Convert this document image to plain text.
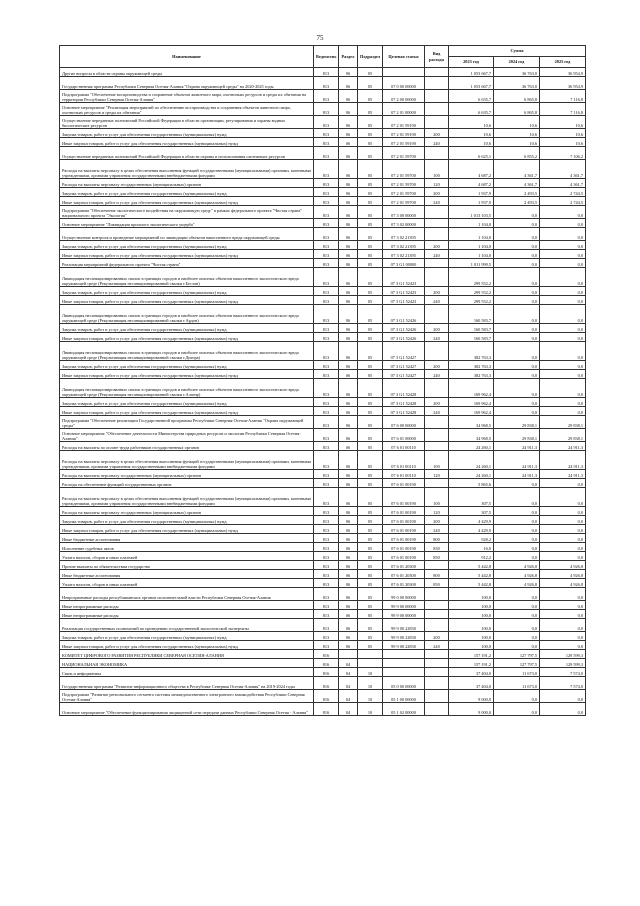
75
Наименование	Ведомство	Раздел	Подраздел	Целевая статья	Вид расхода	Сумма		
						2023 год	2024 год	2025 год
Другие вопросы в области охраны окружающей среды	813	06	05			1 053 667,7	36 763,0	36 954,9
Государственная программа Республики Северная Осетия-Алания "Охрана окружающей среды" на 2020-2025 годы	813	06	05	07 0 00 00000		1 053 667,7	36 763,0	36 954,9
Подпрограмма "Обеспечение воспроизводства и сохранение объектов животного мира, охотничьих ресурсов и среды их обитания на территории Республики Северная Осетия-Алания"	813	06	05	07 2 00 00000		6 635,7	6 865,8	7 116,8
Основное мероприятие "Реализация мероприятий по обеспечению воспроизводства и сохранения объектов животного мира, охотничьих ресурсов и среды их обитания"	813	06	05	07 2 01 00000		6 635,7	6 865,8	7 116,8
Осуществление переданных полномочий Российской Федерации в области организации, регулирования и охраны водных биологических ресурсов	813	06	05	07 2 01 59190		10,6	10,6	10,6
Закупка товаров, работ и услуг для обеспечения государственных (муниципальных) нужд	813	06	05	07 2 01 59190	200	10,6	10,6	10,6
Иные закупки товаров, работ и услуг для обеспечения государственных (муниципальных) нужд	813	06	05	07 2 01 59190	240	10,6	10,6	10,6
Осуществление переданных полномочий Российской Федерации в области охраны и использования охотничьих ресурсов	813	06	05	07 2 01 59700		6 625,1	6 855,2	7 106,2
Расходы на выплаты персоналу в целях обеспечения выполнения функций государственными (муниципальными) органами, казенными учреждениями, органами управления государственными внебюджетными фондами	813	06	05	07 2 01 59700	100	4 687,2	4 361,7	4 361,7
Расходы на выплаты персоналу государственных (муниципальных) органов	813	06	05	07 2 01 59700	120	4 687,2	4 361,7	4 361,7
Закупка товаров, работ и услуг для обеспечения государственных (муниципальных) нужд	813	06	05	07 2 01 59700	200	1 937,9	2 493,5	2 744,5
Иные закупки товаров, работ и услуг для обеспечения государственных (муниципальных) нужд	813	06	05	07 2 01 59700	240	1 937,9	2 493,5	2 744,5
Подпрограмма "Обеспечение экологического воздействия на окружающую среду" в рамках федерального проекта "Чистая страна" национального проекта "Экология"	813	06	05	07 3 00 00000		1 013 103,5	0,0	0,0
Основное мероприятие "Ликвидация прошлого экологического ущерба"	813	06	05	07 3 02 00000		1 104,0	0,0	0,0
Осуществление контроля и проведение мероприятий по ликвидации объектов накопленного вреда окружающей среды	813	06	05	07 3 02 21395		1 104,0	0,0	0,0
Закупка товаров, работ и услуг для обеспечения государственных (муниципальных) нужд	813	06	05	07 3 02 21395	200	1 104,0	0,0	0,0
Иные закупки товаров, работ и услуг для обеспечения государственных (муниципальных) нужд	813	06	05	07 3 02 21395	240	1 104,0	0,0	0,0
Реализация мероприятий федерального проекта "Чистая страна"	813	06	05	07 3 G1 00000		1 011 999,5	0,0	0,0
Ликвидация несанкционированных свалок в границах городов и наиболее опасных объектов накопленного экологического вреда окружающей среде (Рекультивация несанкционированной свалки г.Беслан)	813	06	05	07 3 G1 52423		299 552,2	0,0	0,0
Закупка товаров, работ и услуг для обеспечения государственных (муниципальных) нужд	813	06	05	07 3 G1 52423	200	299 552,2	0,0	0,0
Иные закупки товаров, работ и услуг для обеспечения государственных (муниципальных) нужд	813	06	05	07 3 G1 52423	240	299 552,2	0,0	0,0
Ликвидация несанкционированных свалок в границах городов и наиболее опасных объектов накопленного экологического вреда окружающей среде (Рекультивация несанкционированной свалки г.Ардон)	813	06	05	07 3 G1 52426		160 583,7	0,0	0,0
Закупка товаров, работ и услуг для обеспечения государственных (муниципальных) нужд	813	06	05	07 3 G1 52426	200	160 583,7	0,0	0,0
Иные закупки товаров, работ и услуг для обеспечения государственных (муниципальных) нужд	813	06	05	07 3 G1 52426	240	160 583,7	0,0	0,0
Ликвидация несанкционированных свалок в границах городов и наиболее опасных объектов накопленного экологического вреда окружающей среде (Рекультивация несанкционированной свалки г.Дигора)	813	06	05	07 3 G1 52427		382 763,3	0,0	0,0
Закупка товаров, работ и услуг для обеспечения государственных (муниципальных) нужд	813	06	05	07 3 G1 52427	200	382 763,3	0,0	0,0
Иные закупки товаров, работ и услуг для обеспечения государственных (муниципальных) нужд	813	06	05	07 3 G1 52427	240	382 763,3	0,0	0,0
Ликвидация несанкционированных свалок в границах городов и наиболее опасных объектов накопленного экологического вреда окружающей среде (Рекультивация несанкционированной свалки г.Алагир)	813	06	05	07 3 G1 52428		169 962,4	0,0	0,0
Закупка товаров, работ и услуг для обеспечения государственных (муниципальных) нужд	813	06	05	07 3 G1 52428	200	169 962,4	0,0	0,0
Иные закупки товаров, работ и услуг для обеспечения государственных (муниципальных) нужд	813	06	05	07 3 G1 52428	240	169 962,4	0,0	0,0
Подпрограмма "Обеспечение реализации Государственной программы Республики Северная Осетия-Алания "Охрана окружающей среды"	813	06	05	07 6 00 00000		34 968,5	29 838,1	29 838,1
Основное мероприятие "Обеспечение деятельности Министерства природных ресурсов и экологии Республики Северная Осетия-Алания"	813	06	05	07 6 01 00000		34 968,5	29 838,1	29 838,1
Расходы на выплаты по оплате труда работников государственных органов	813	06	05	07 6 01 00110		24 260,1	24 911,3	24 911,3
Расходы на выплаты персоналу в целях обеспечения выполнения функций государственными (муниципальными) органами, казенными учреждениями, органами управления государственными внебюджетными фондами	813	06	05	07 6 01 00110	100	24 260,1	24 911,3	24 911,3
Расходы на выплаты персоналу государственных (муниципальных) органов	813	06	05	07 6 01 00110	120	24 260,1	24 911,3	24 911,3
Расходы на обеспечение функций государственных органов	813	06	05	07 6 01 00190		5 865,6	0,0	0,0
Расходы на выплаты персоналу в целях обеспечения выполнения функций государственными (муниципальными) органами, казенными учреждениями, органами управления государственными внебюджетными фондами	813	06	05	07 6 01 00190	100	307,5	0,0	0,0
Расходы на выплаты персоналу государственных (муниципальных) органов	813	06	05	07 6 01 00190	120	307,5	0,0	0,0
Закупка товаров, работ и услуг для обеспечения государственных (муниципальных) нужд	813	06	05	07 6 01 00190	200	4 429,9	0,0	0,0
Иные закупки товаров, работ и услуг для обеспечения государственных (муниципальных) нужд	813	06	05	07 6 01 00190	240	4 429,9	0,0	0,0
Иные бюджетные ассигнования	813	06	05	07 6 01 00190	800	928,2	0,0	0,0
Исполнение судебных актов	813	06	05	07 6 01 00190	830	16,0	0,0	0,0
Уплата налогов, сборов и иных платежей	813	06	05	07 6 01 00190	850	912,2	0,0	0,0
Прочие выплаты по обязательствам государства	813	06	05	07 6 01 20300		5 442,8	4 926,8	4 926,8
Иные бюджетные ассигнования	813	06	05	07 6 01 20300	800	5 442,8	4 926,8	4 926,8
Уплата налогов, сборов и иных платежей	813	06	05	07 6 01 20300	850	5 442,8	4 926,8	4 926,8
Непрограммные расходы республиканских органов исполнительной власти Республики Северная Осетия-Алания	813	06	05	99 0 00 00000		100,0	0,0	0,0
Иные непрограммные расходы	813	06	05	99 9 00 00000		100,0	0,0	0,0
Иные непрограммные расходы	813	06	05	99 9 00 00000		100,0	0,0	0,0
Реализация государственных полномочий по проведению государственной экологической экспертизы	813	06	05	99 9 00 22830		100,0	0,0	0,0
Закупка товаров, работ и услуг для обеспечения государственных (муниципальных) нужд	813	06	05	99 9 00 22830	200	100,0	0,0	0,0
Иные закупки товаров, работ и услуг для обеспечения государственных (муниципальных) нужд	813	06	05	99 9 00 22830	240	100,0	0,0	0,0
КОМИТЕТ ЦИФРОВОГО РАЗВИТИЯ РЕСПУБЛИКИ СЕВЕРНАЯ ОСЕТИЯ-АЛАНИЯ	816					157 191,2	127 797,5	129 599,3
НАЦИОНАЛЬНАЯ ЭКОНОМИКА	816	04				157 191,2	127 797,5	129 599,3
Связь и информатика	816	04	10			37 404,0	11 673,0	7 574,0
Государственная программа "Развитие информационного общества в Республике Северная Осетия-Алания" на 2019-2024 годы	816	04	10	05 0 00 00000		37 404,0	11 673,0	7 574,0
Подпрограмма "Развитие регионального сегмента системы межведомственного электронного взаимодействия Республики Северная Осетия-Алания"	816	04	10	05 1 00 00000		9 000,0	0,0	0,0
Основное мероприятие "Обеспечение функционирования защищенной сети передачи данных Республики Северная Осетия - Алания"	816	04	10	05 1 02 00000		9 000,0	0,0	0,0
